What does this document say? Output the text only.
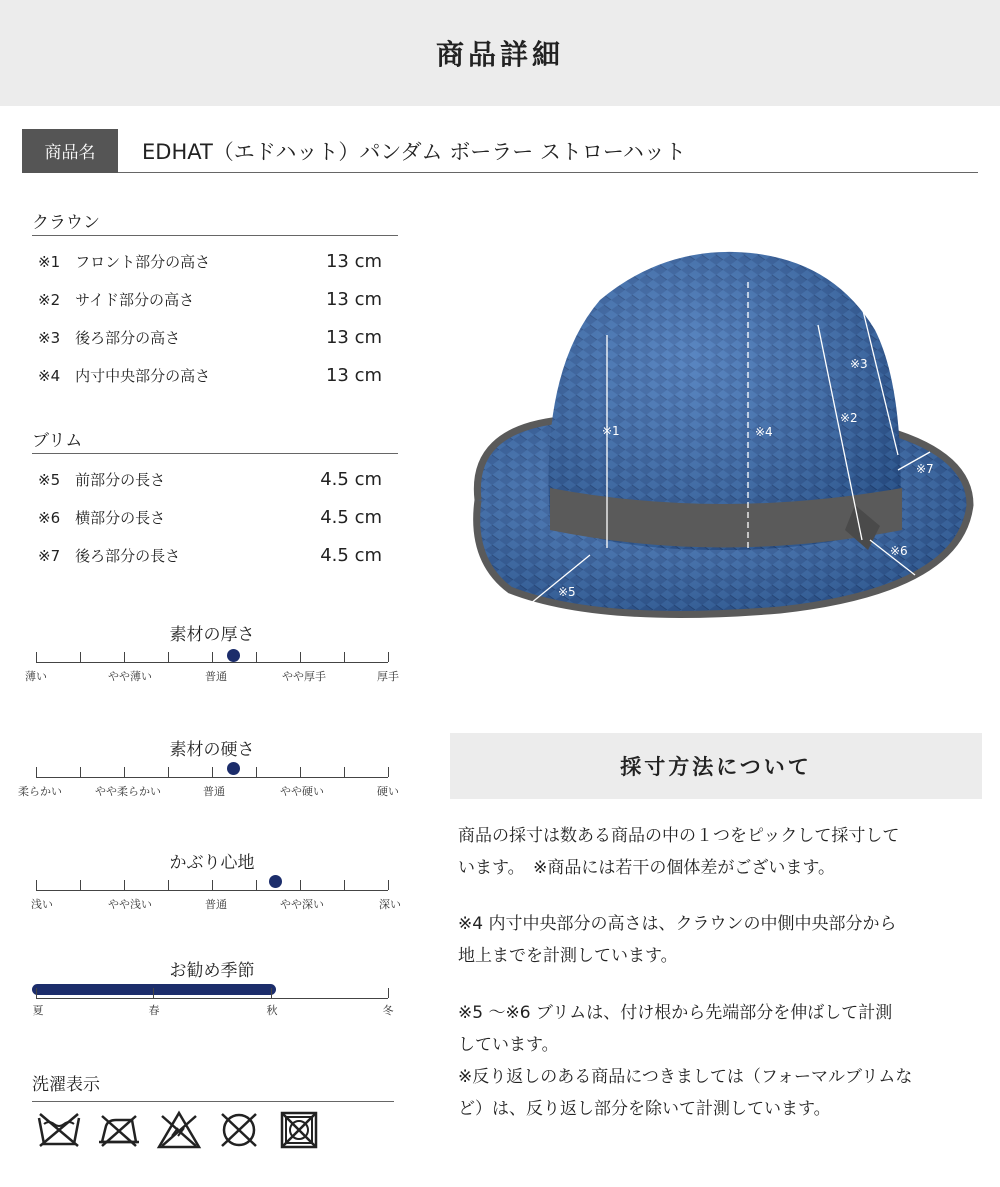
商品詳細
商品名	EDHAT（エドハット）パンダム ボーラー ストローハット
クラウン
※1　フロント部分の高さ	13 cm
※2　サイド部分の高さ	13 cm
※3　後ろ部分の高さ	13 cm
※4　内寸中央部分の高さ	13 cm
ブリム
※5　前部分の長さ	4.5 cm
※6　横部分の長さ	4.5 cm
※7　後ろ部分の長さ	4.5 cm
素材の厚さ
薄い	やや薄い	普通	やや厚手	厚手
素材の硬さ
柔らかい	やや柔らかい	普通	やや硬い	硬い
かぶり心地
浅い	やや浅い	普通	やや深い	深い
お勧め季節
夏	春	秋	冬
洗濯表示
※1
※2
※3
※4
※5
※6
※7
採寸方法について
商品の採寸は数ある商品の中の１つをピックして採寸して
います。　※商品には若干の個体差がございます。
※4 内寸中央部分の高さは、クラウンの中側中央部分から
地上までを計測しています。
※5 ～※6 ブリムは、付け根から先端部分を伸ばして計測
しています。
※反り返しのある商品につきましては（フォーマルブリムな
ど）は、反り返し部分を除いて計測しています。
